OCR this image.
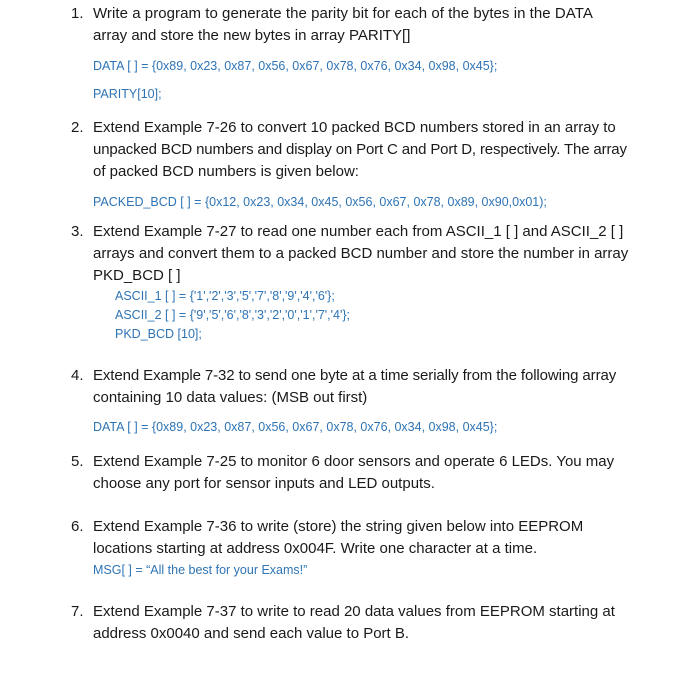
1. Write a program to generate the parity bit for each of the bytes in the DATA
array and store the new bytes in array PARITY[]
DATA [ ] = {0x89, 0x23, 0x87, 0x56, 0x67, 0x78, 0x76, 0x34, 0x98, 0x45};
PARITY[10];
2. Extend Example 7-26 to convert 10 packed BCD numbers stored in an array to
unpacked BCD numbers and display on Port C and Port D, respectively. The array
of packed BCD numbers is given below:
PACKED_BCD [ ] = {0x12, 0x23, 0x34, 0x45, 0x56, 0x67, 0x78, 0x89, 0x90,0x01);
3. Extend Example 7-27 to read one number each from ASCII_1 [ ] and ASCII_2 [ ]
arrays and convert them to a packed BCD number and store the number in array
PKD_BCD [ ]
ASCII_1 [ ] = {'1','2','3','5','7','8','9','4','6'};
ASCII_2 [ ] = {'9','5','6','8','3','2','0','1','7','4'};
PKD_BCD [10];
4. Extend Example 7-32 to send one byte at a time serially from the following array
containing 10 data values: (MSB out first)
DATA [ ] = {0x89, 0x23, 0x87, 0x56, 0x67, 0x78, 0x76, 0x34, 0x98, 0x45};
5. Extend Example 7-25 to monitor 6 door sensors and operate 6 LEDs. You may
choose any port for sensor inputs and LED outputs.
6. Extend Example 7-36 to write (store) the string given below into EEPROM
locations starting at address 0x004F. Write one character at a time.
MSG[ ] = “All the best for your Exams!”
7. Extend Example 7-37 to write to read 20 data values from EEPROM starting at
address 0x0040 and send each value to Port B.
